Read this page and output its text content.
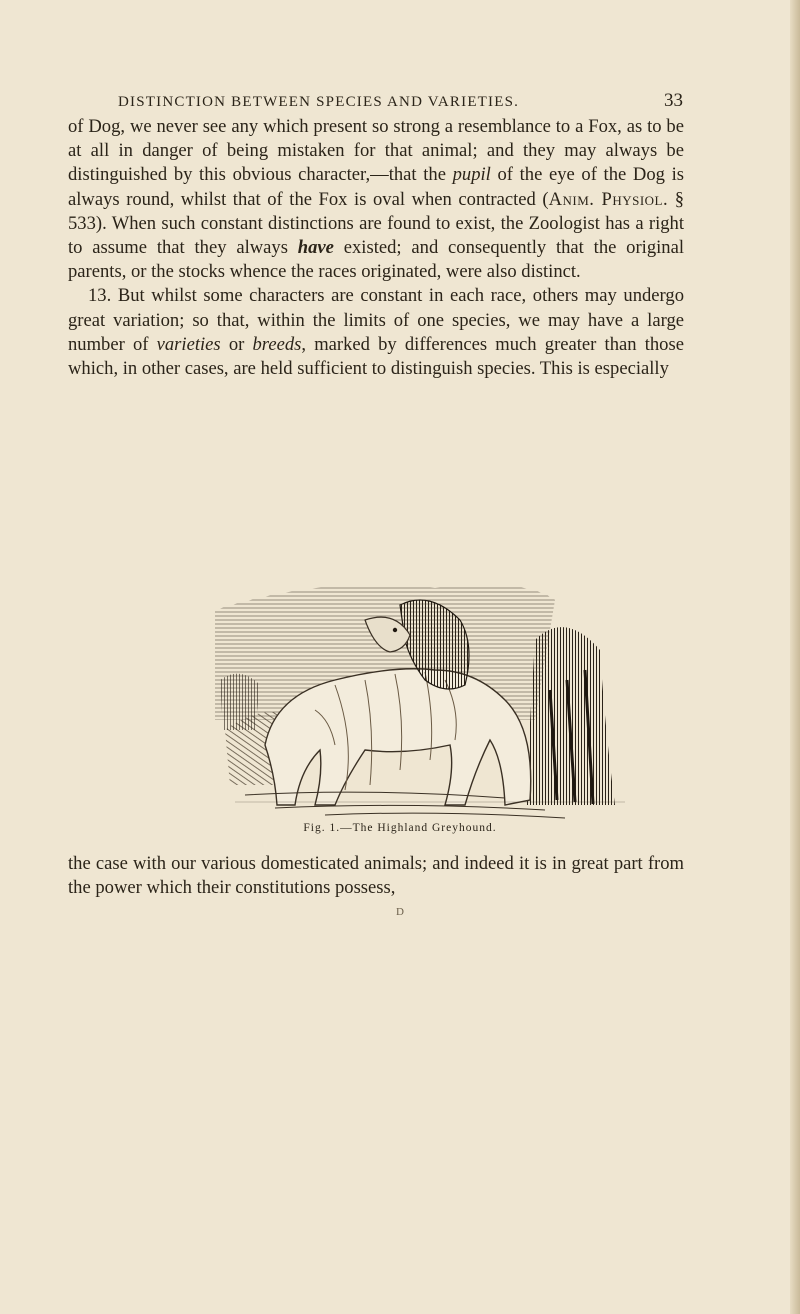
DISTINCTION BETWEEN SPECIES AND VARIETIES.	33

of Dog, we never see any which present so strong a resemblance to a Fox, as to be at all in danger of being mistaken for that animal; and they may always be distinguished by this obvious character,—that the pupil of the eye of the Dog is always round, whilst that of the Fox is oval when contracted (Anim. Physiol. § 533). When such constant distinctions are found to exist, the Zoologist has a right to assume that they always have existed; and consequently that the original parents, or the stocks whence the races originated, were also distinct.

13. But whilst some characters are constant in each race, others may undergo great variation; so that, within the limits of one species, we may have a large number of varieties or breeds, marked by differences much greater than those which, in other cases, are held sufficient to distinguish species. This is especially

Fig. 1.—The Highland Greyhound.

the case with our various domesticated animals; and indeed it is in great part from the power which their constitutions possess,

D
